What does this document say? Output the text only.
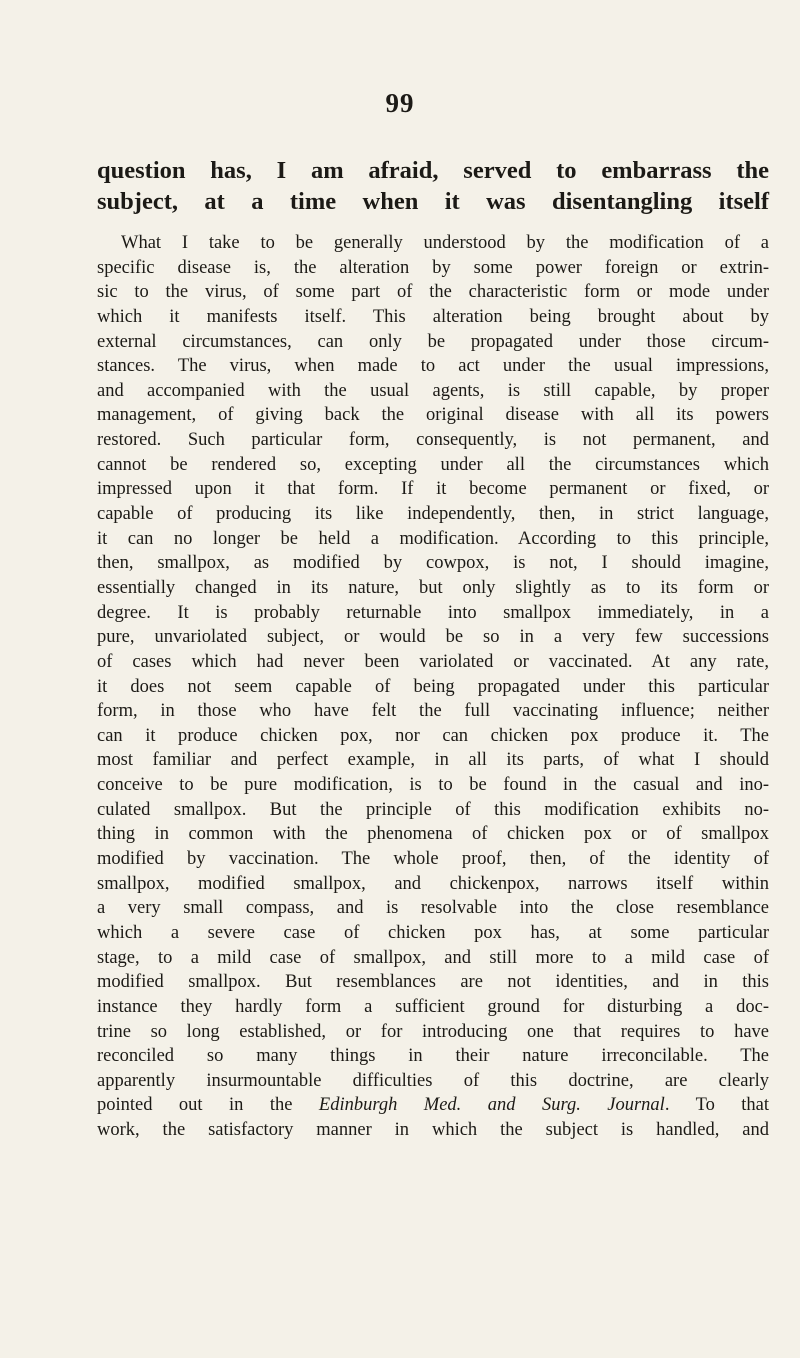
99
question has, I am afraid, served to embarrass the
subject, at a time when it was disentangling itself
What I take to be generally understood by the modification of a
specific disease is, the alteration by some power foreign or extrin-
sic to the virus, of some part of the characteristic form or mode under
which it manifests itself. This alteration being brought about by
external circumstances, can only be propagated under those circum-
stances. The virus, when made to act under the usual impressions,
and accompanied with the usual agents, is still capable, by proper
management, of giving back the original disease with all its powers
restored. Such particular form, consequently, is not permanent, and
cannot be rendered so, excepting under all the circumstances which
impressed upon it that form. If it become permanent or fixed, or
capable of producing its like independently, then, in strict language,
it can no longer be held a modification. According to this principle,
then, smallpox, as modified by cowpox, is not, I should imagine,
essentially changed in its nature, but only slightly as to its form or
degree. It is probably returnable into smallpox immediately, in a
pure, unvariolated subject, or would be so in a very few successions
of cases which had never been variolated or vaccinated. At any rate,
it does not seem capable of being propagated under this particular
form, in those who have felt the full vaccinating influence; neither
can it produce chicken pox, nor can chicken pox produce it. The
most familiar and perfect example, in all its parts, of what I should
conceive to be pure modification, is to be found in the casual and ino-
culated smallpox. But the principle of this modification exhibits no-
thing in common with the phenomena of chicken pox or of smallpox
modified by vaccination. The whole proof, then, of the identity of
smallpox, modified smallpox, and chickenpox, narrows itself within
a very small compass, and is resolvable into the close resemblance
which a severe case of chicken pox has, at some particular
stage, to a mild case of smallpox, and still more to a mild case of
modified smallpox. But resemblances are not identities, and in this
instance they hardly form a sufficient ground for disturbing a doc-
trine so long established, or for introducing one that requires to have
reconciled so many things in their nature irreconcilable. The
apparently insurmountable difficulties of this doctrine, are clearly
pointed out in the Edinburgh Med. and Surg. Journal. To that
work, the satisfactory manner in which the subject is handled, and
